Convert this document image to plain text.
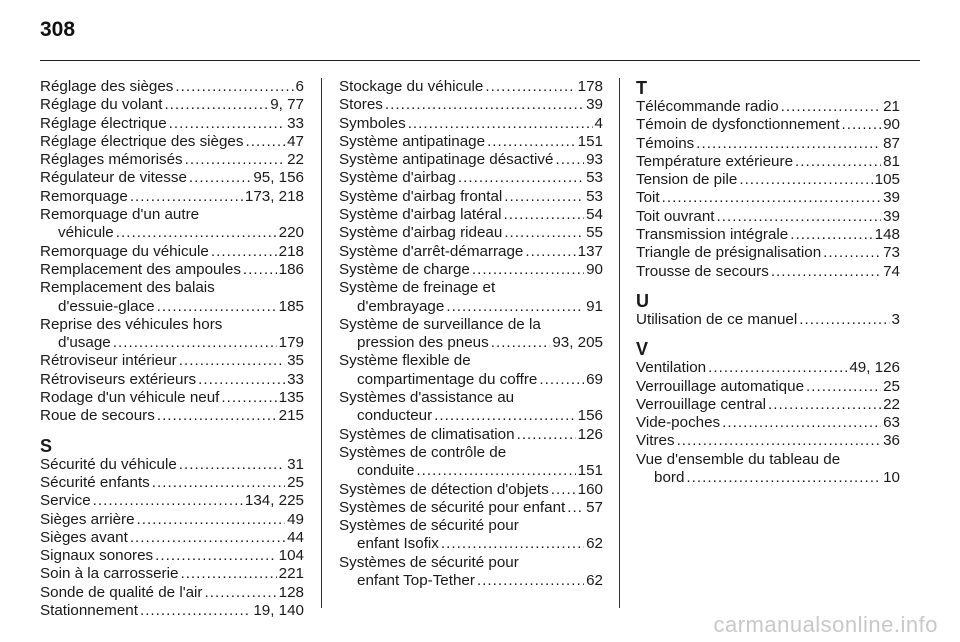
308
Réglage des sièges . . .	6
Réglage du volant . . .	9, 77
Réglage électrique . . .	33
Réglage électrique des sièges . . .	47
Réglages mémorisés . . .	22
Régulateur de vitesse . . .	95, 156
Remorquage . . .	173, 218
Remorquage d'un autre
véhicule . . .	220
Remorquage du véhicule . . .	218
Remplacement des ampoules . . . 186
Remplacement des balais
d'essuie-glace . . .	185
Reprise des véhicules hors
d'usage . . .	179
Rétroviseur intérieur . . .	35
Rétroviseurs extérieurs . . .	33
Rodage d'un véhicule neuf . . .	135
Roue de secours . . .	215
S
Sécurité du véhicule . . .	31
Sécurité enfants . . .	25
Service . . .	134, 225
Sièges arrière . . .	49
Sièges avant . . .	44
Signaux sonores . . .	104
Soin à la carrosserie . . .	221
Sonde de qualité de l'air . . .	128
Stationnement . . .	19, 140
Stockage du véhicule . . .	178
Stores . . .	39
Symboles . . .	4
Système antipatinage . . .	151
Système antipatinage désactivé . . . 93
Système d'airbag . . .	53
Système d'airbag frontal . . .	53
Système d'airbag latéral . . .	54
Système d'airbag rideau . . .	55
Système d'arrêt-démarrage . . .	137
Système de charge . . .	90
Système de freinage et
d'embrayage . . .	91
Système de surveillance de la
pression des pneus . . .	93, 205
Système flexible de
compartimentage du coffre . . .	69
Systèmes d'assistance au
conducteur . . .	156
Systèmes de climatisation . . .	126
Systèmes de contrôle de
conduite . . .	151
Systèmes de détection d'objets . . . 160
Systèmes de sécurité pour enfant . . . 57
Systèmes de sécurité pour
enfant Isofix . . .	62
Systèmes de sécurité pour
enfant Top-Tether . . .	62
T
Télécommande radio . . .	21
Témoin de dysfonctionnement . . .	90
Témoins . . .	87
Température extérieure . . .	81
Tension de pile . . .	105
Toit . . .	39
Toit ouvrant . . .	39
Transmission intégrale . . .	148
Triangle de présignalisation . . .	73
Trousse de secours . . .	74
U
Utilisation de ce manuel . . .	3
V
Ventilation . . .	49, 126
Verrouillage automatique . . .	25
Verrouillage central . . .	22
Vide-poches . . .	63
Vitres . . .	36
Vue d'ensemble du tableau de
bord . . .	10
carmanualsonline.info
